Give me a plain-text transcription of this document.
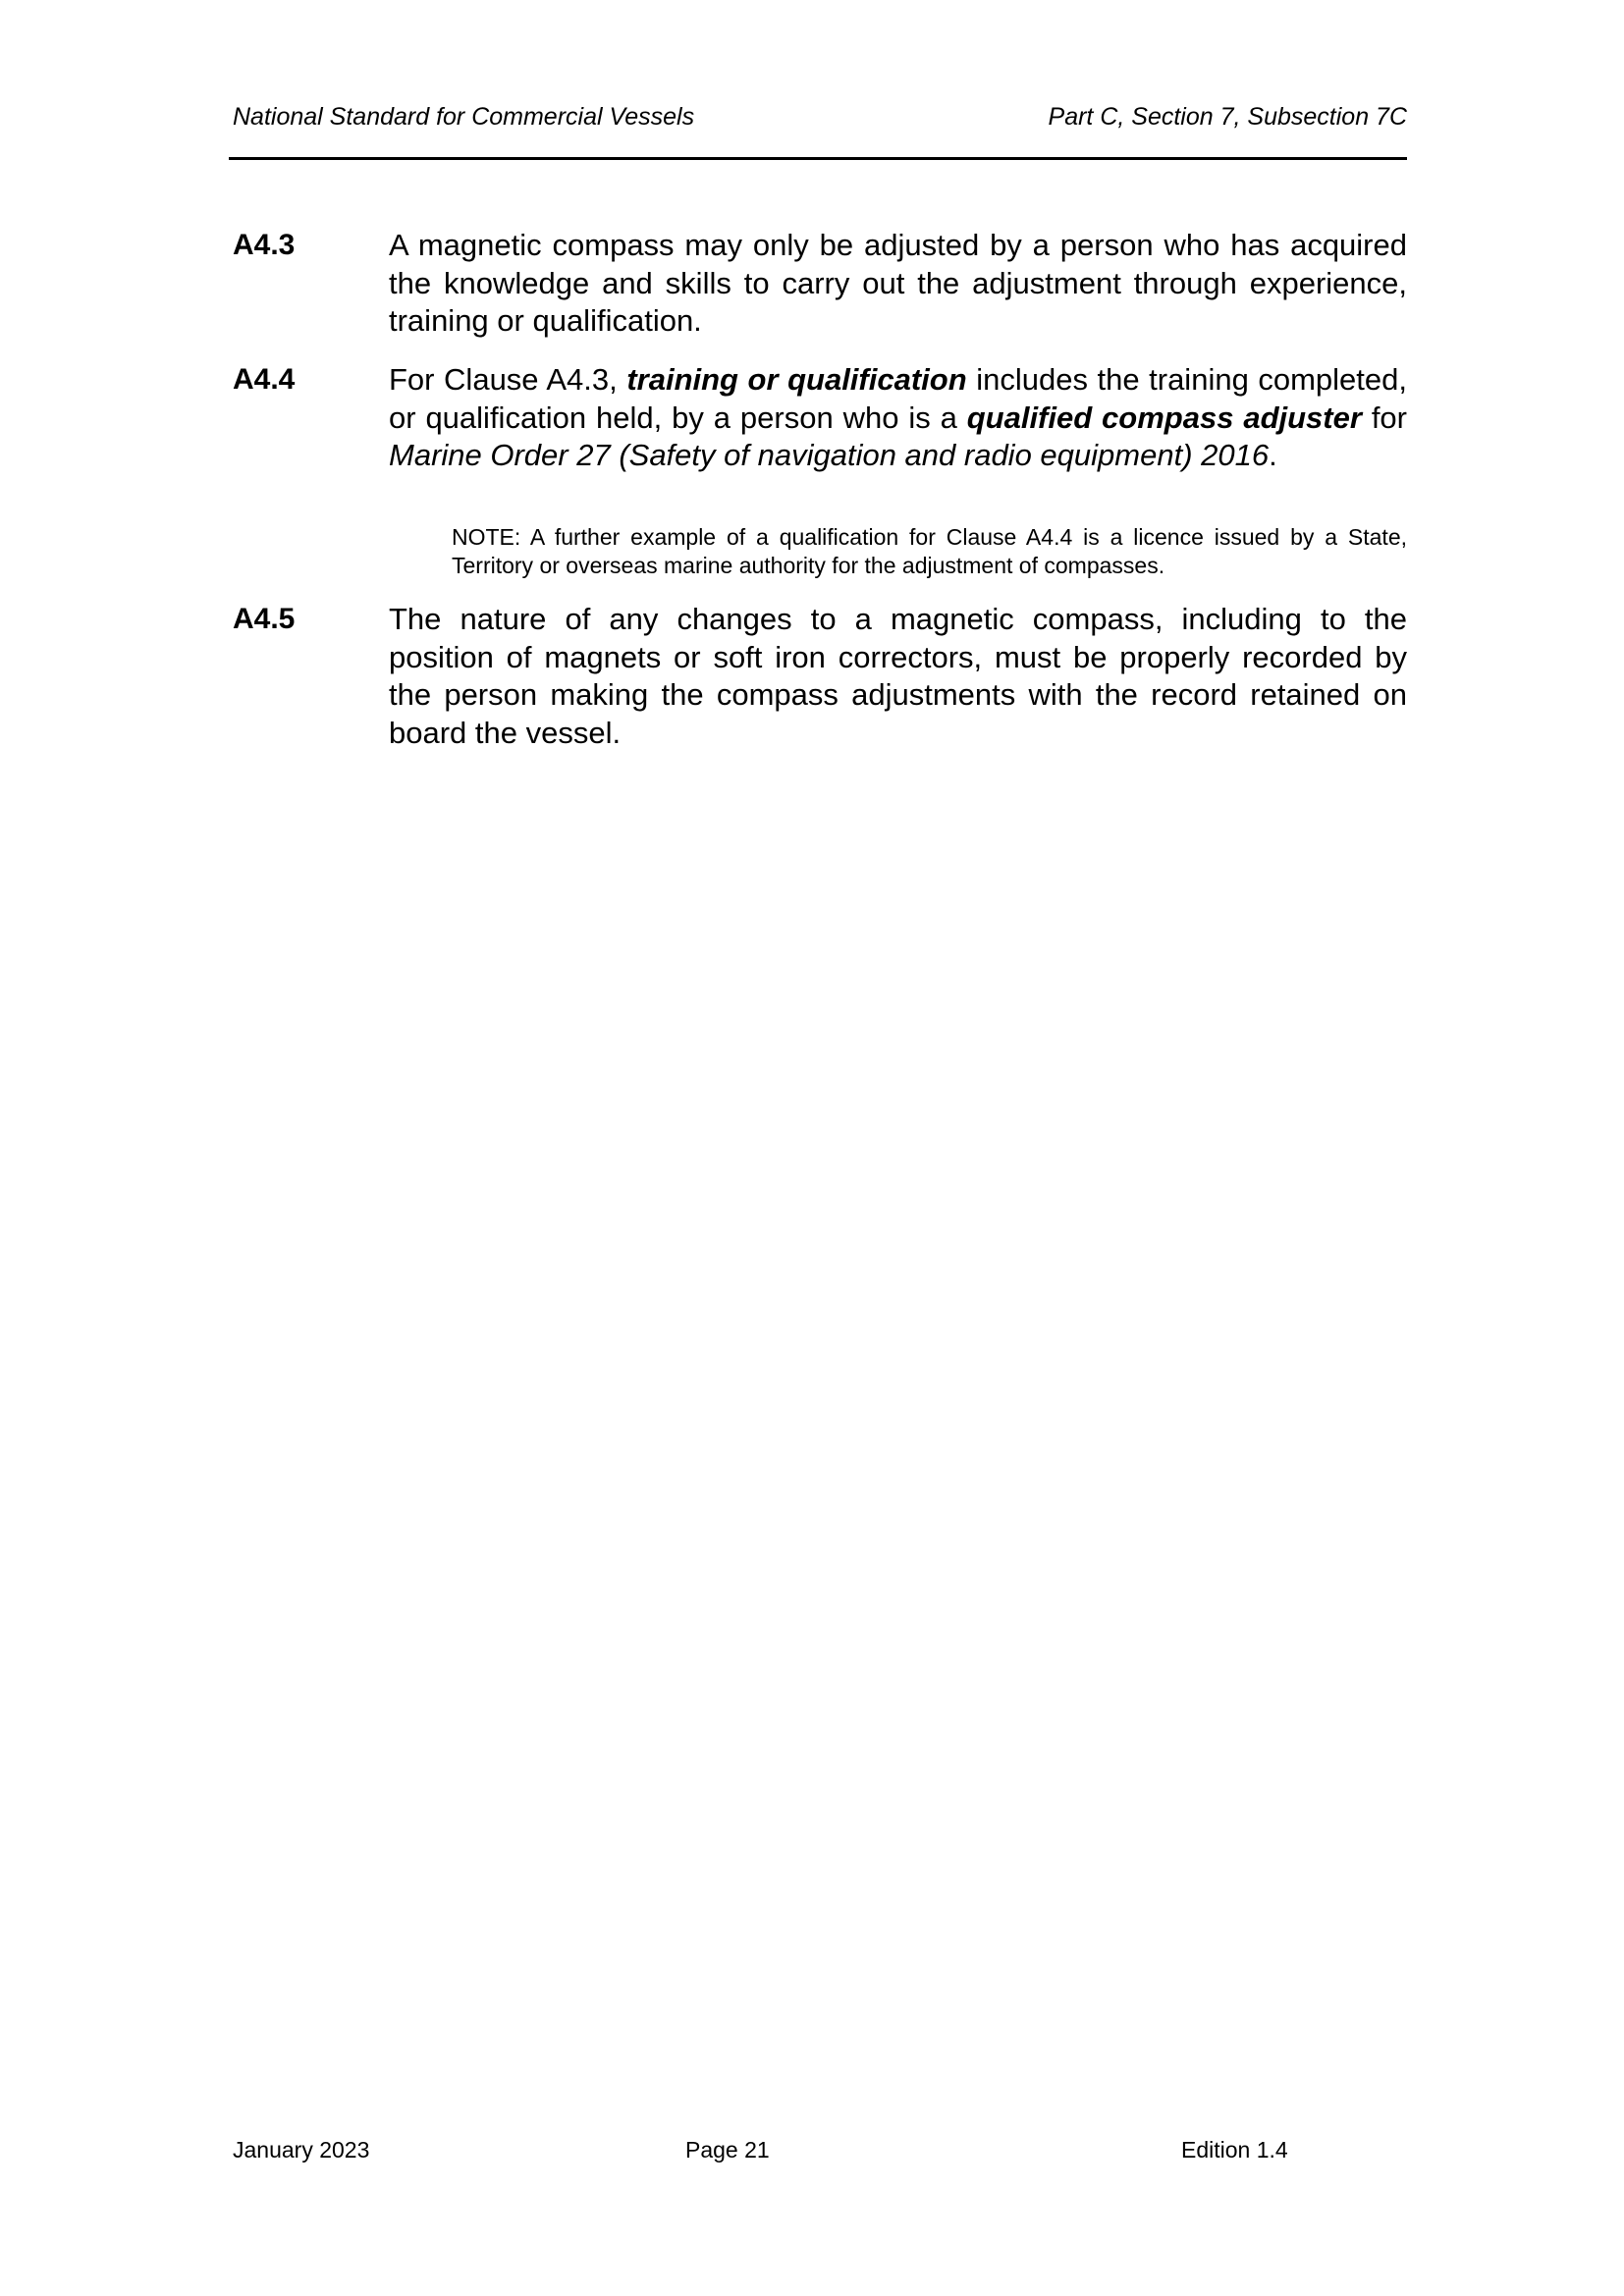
National Standard for Commercial Vessels	Part C, Section 7, Subsection 7C
A4.3	A magnetic compass may only be adjusted by a person who has acquired the knowledge and skills to carry out the adjustment through experience, training or qualification.
A4.4	For Clause A4.3, training or qualification includes the training completed, or qualification held, by a person who is a qualified compass adjuster for Marine Order 27 (Safety of navigation and radio equipment) 2016.
NOTE: A further example of a qualification for Clause A4.4 is a licence issued by a State, Territory or overseas marine authority for the adjustment of compasses.
A4.5	The nature of any changes to a magnetic compass, including to the position of magnets or soft iron correctors, must be properly recorded by the person making the compass adjustments with the record retained on board the vessel.
January 2023	Page 21	Edition 1.4
